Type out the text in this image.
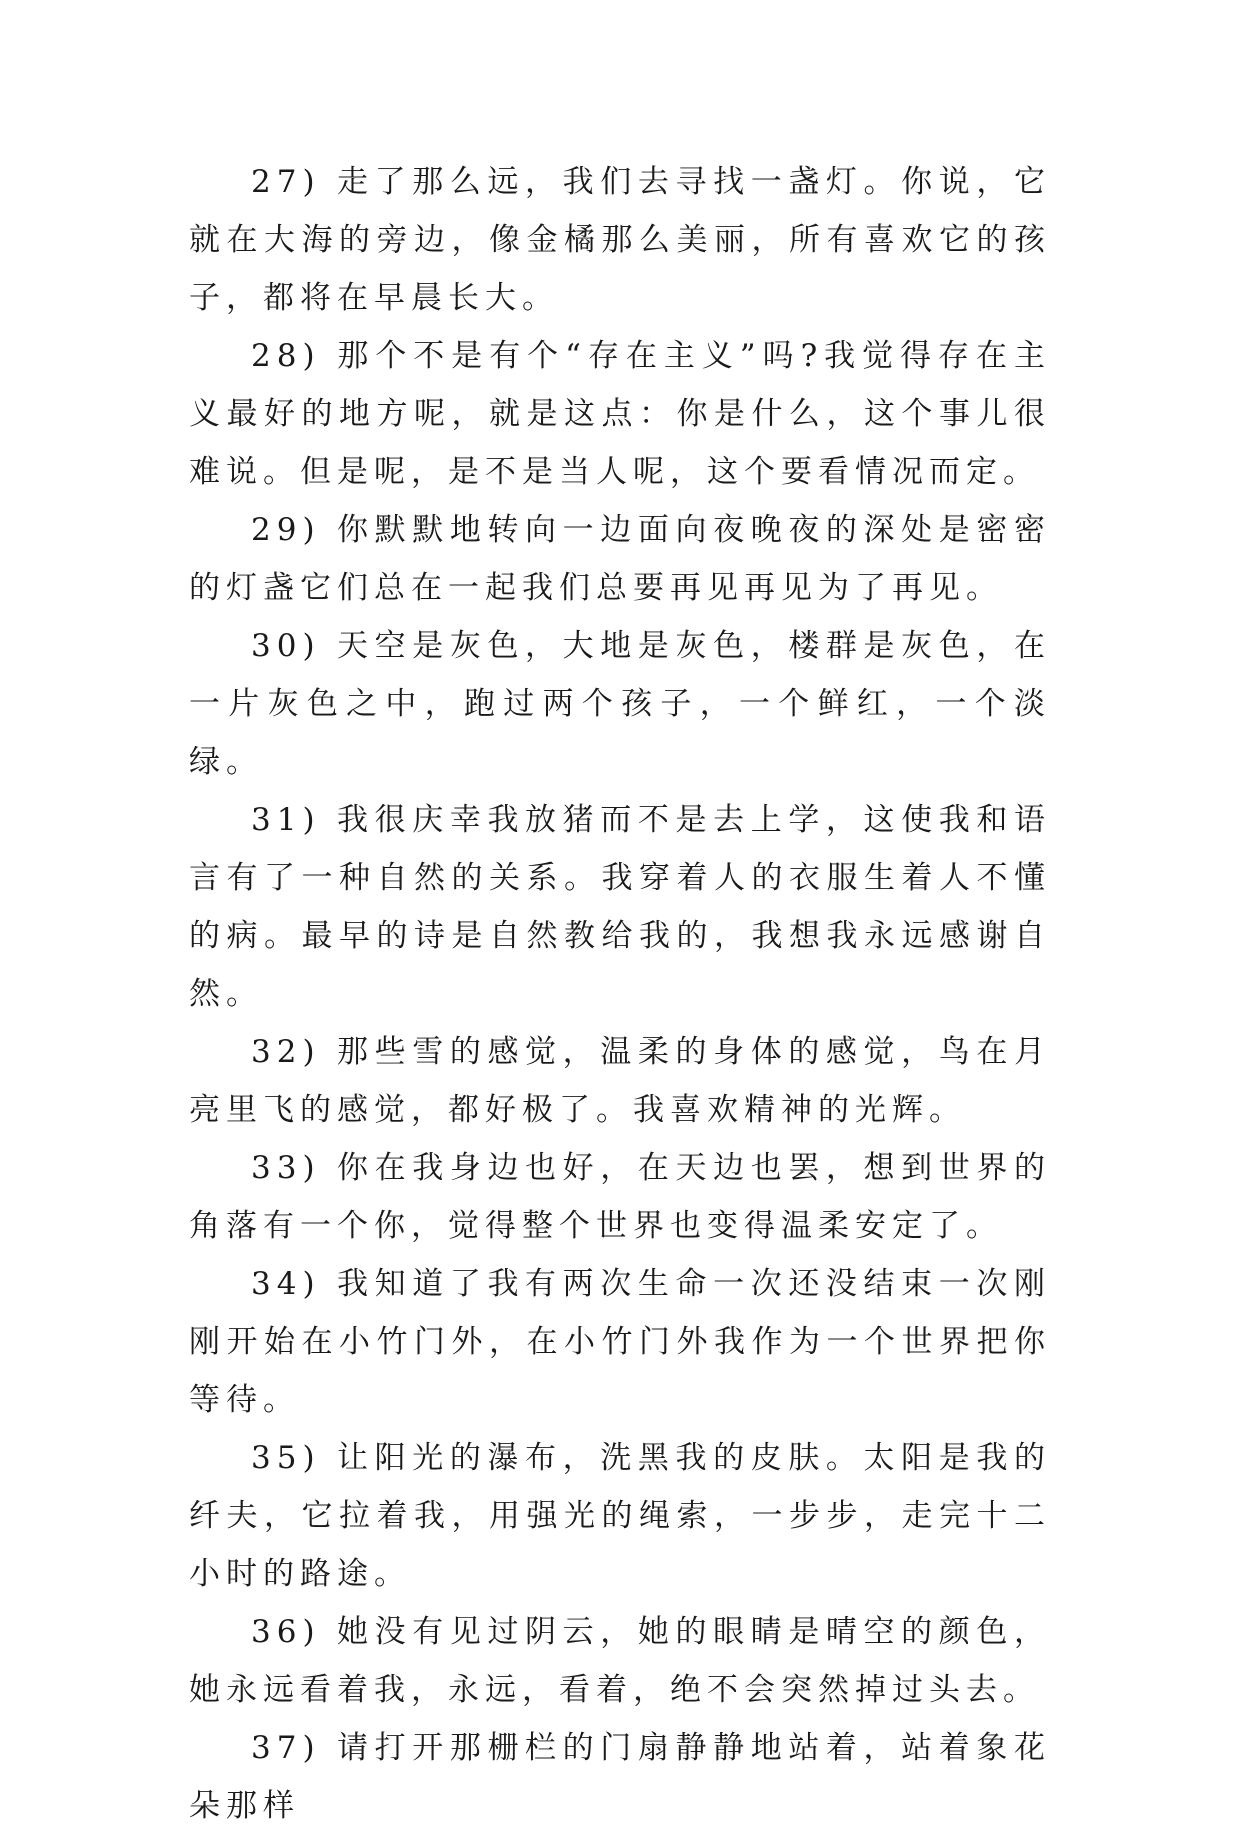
27) 走了那么远，我们去寻找一盏灯。你说，它就在大海的旁边，像金橘那么美丽，所有喜欢它的孩子，都将在早晨长大。

28) 那个不是有个“存在主义”吗?我觉得存在主义最好的地方呢，就是这点：你是什么，这个事儿很难说。但是呢，是不是当人呢，这个要看情况而定。

29) 你默默地转向一边面向夜晚夜的深处是密密的灯盏它们总在一起我们总要再见再见为了再见。

30) 天空是灰色，大地是灰色，楼群是灰色，在一片灰色之中，跑过两个孩子，一个鲜红，一个淡绿。

31) 我很庆幸我放猪而不是去上学，这使我和语言有了一种自然的关系。我穿着人的衣服生着人不懂的病。最早的诗是自然教给我的，我想我永远感谢自然。

32) 那些雪的感觉，温柔的身体的感觉，鸟在月亮里飞的感觉，都好极了。我喜欢精神的光辉。

33) 你在我身边也好，在天边也罢，想到世界的角落有一个你，觉得整个世界也变得温柔安定了。

34) 我知道了我有两次生命一次还没结束一次刚刚开始在小竹门外，在小竹门外我作为一个世界把你等待。

35) 让阳光的瀑布，洗黑我的皮肤。太阳是我的纤夫，它拉着我，用强光的绳索，一步步，走完十二小时的路途。

36) 她没有见过阴云，她的眼睛是晴空的颜色，她永远看着我，永远，看着，绝不会突然掉过头去。

37) 请打开那栅栏的门扇静静地站着，站着象花朵那样
